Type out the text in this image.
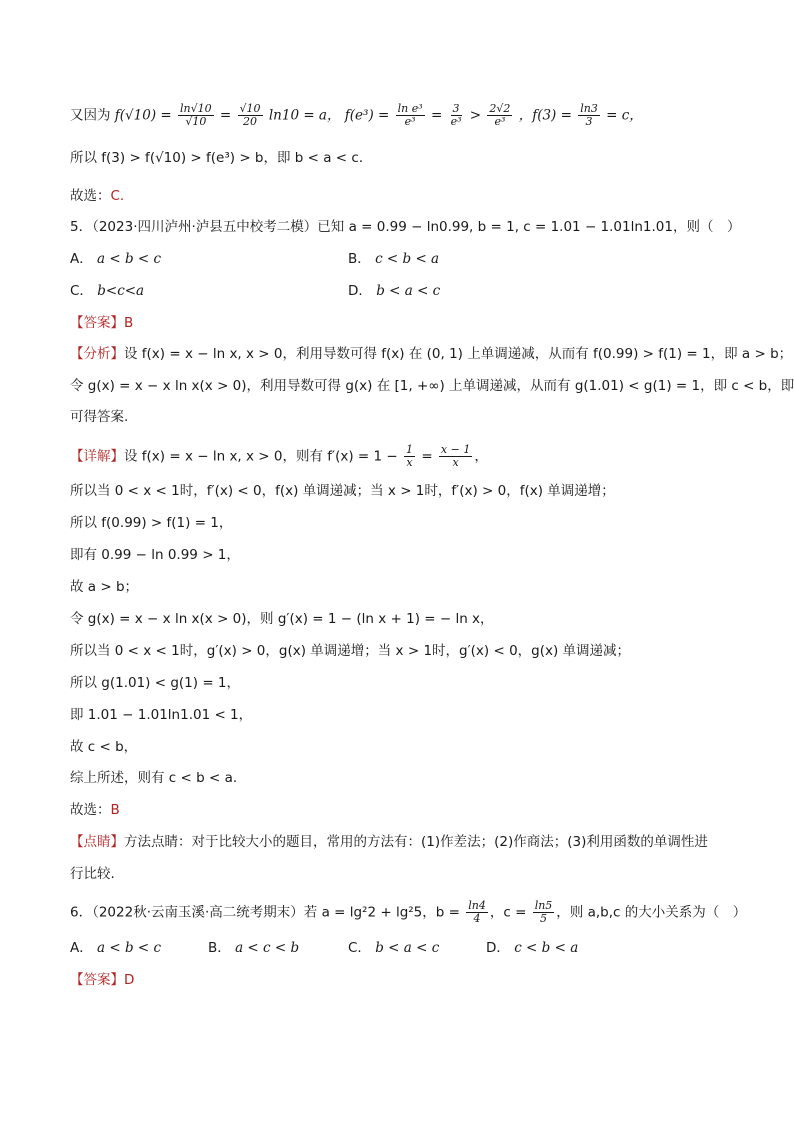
又因为 $f(√10) = \frac{\ln√10}{√10} = \frac{√10}{20} \ln 10 = a$， $f(e^3) = \frac{\text{ln e³}}{\text{e³}} = \frac{3}{\text{e³}} > \frac{2√2}{\text{e³}}$ ，$f(3) = \frac{\ln 3}{3} = c$，
所以 f(3) > f(√10) > f(e³) > b，即 b < a < c．
故选：C.
5．（2023·四川泸州·泸县五中校考二模）已知 a = 0.99 − ln0.99, b = 1, c = 1.01 − 1.01ln1.01，则（　）
A． a < b < c	B． c < b < a
C． b<c<a	D． b < a < c
【答案】B
【分析】设 f(x) = x − ln x, x > 0，利用导数可得 f(x) 在 (0, 1) 上单调递减，从而有 f(0.99) > f(1) = 1，即 a > b；
令 g(x) = x − x ln x(x > 0)，利用导数可得 g(x) 在 [1, +∞) 上单调递减，从而有 g(1.01) < g(1) = 1，即 c < b，即
可得答案.
【详解】设 f(x) = x − ln x, x > 0，则有 $f'(x) = 1 - \frac{1}{x} = \frac{x - 1}{x}$ ，
所以当 0 < x < 1时，f′(x) < 0，f(x) 单调递减；当 x > 1时，f′(x) > 0，f(x) 单调递增；
所以 f(0.99) > f(1) = 1，
即有 0.99 − ln 0.99 > 1，
故 a > b；
令 g(x) = x − x ln x(x > 0)，则 g′(x) = 1 − (ln x + 1) = − ln x，
所以当 0 < x < 1时，g′(x) > 0，g(x) 单调递增；当 x > 1时，g′(x) < 0，g(x) 单调递减；
所以 g(1.01) < g(1) = 1，
即 1.01 − 1.01ln1.01 < 1，
故 c < b，
综上所述，则有 c < b < a.
故选：B
【点睛】方法点睛：对于比较大小的题目，常用的方法有：(1)作差法；(2)作商法；(3)利用函数的单调性进
行比较.
6．（2022秋·云南玉溪·高二统考期末）若 a = lg²2 + lg²5，$b = \frac{\ln 4}{4}$ ，$c = \frac{\ln 5}{5}$ ，则 a,b,c 的大小关系为（　）
A． a < b < c	B． a < c < b	C． b < a < c	D． c < b < a
【答案】D
